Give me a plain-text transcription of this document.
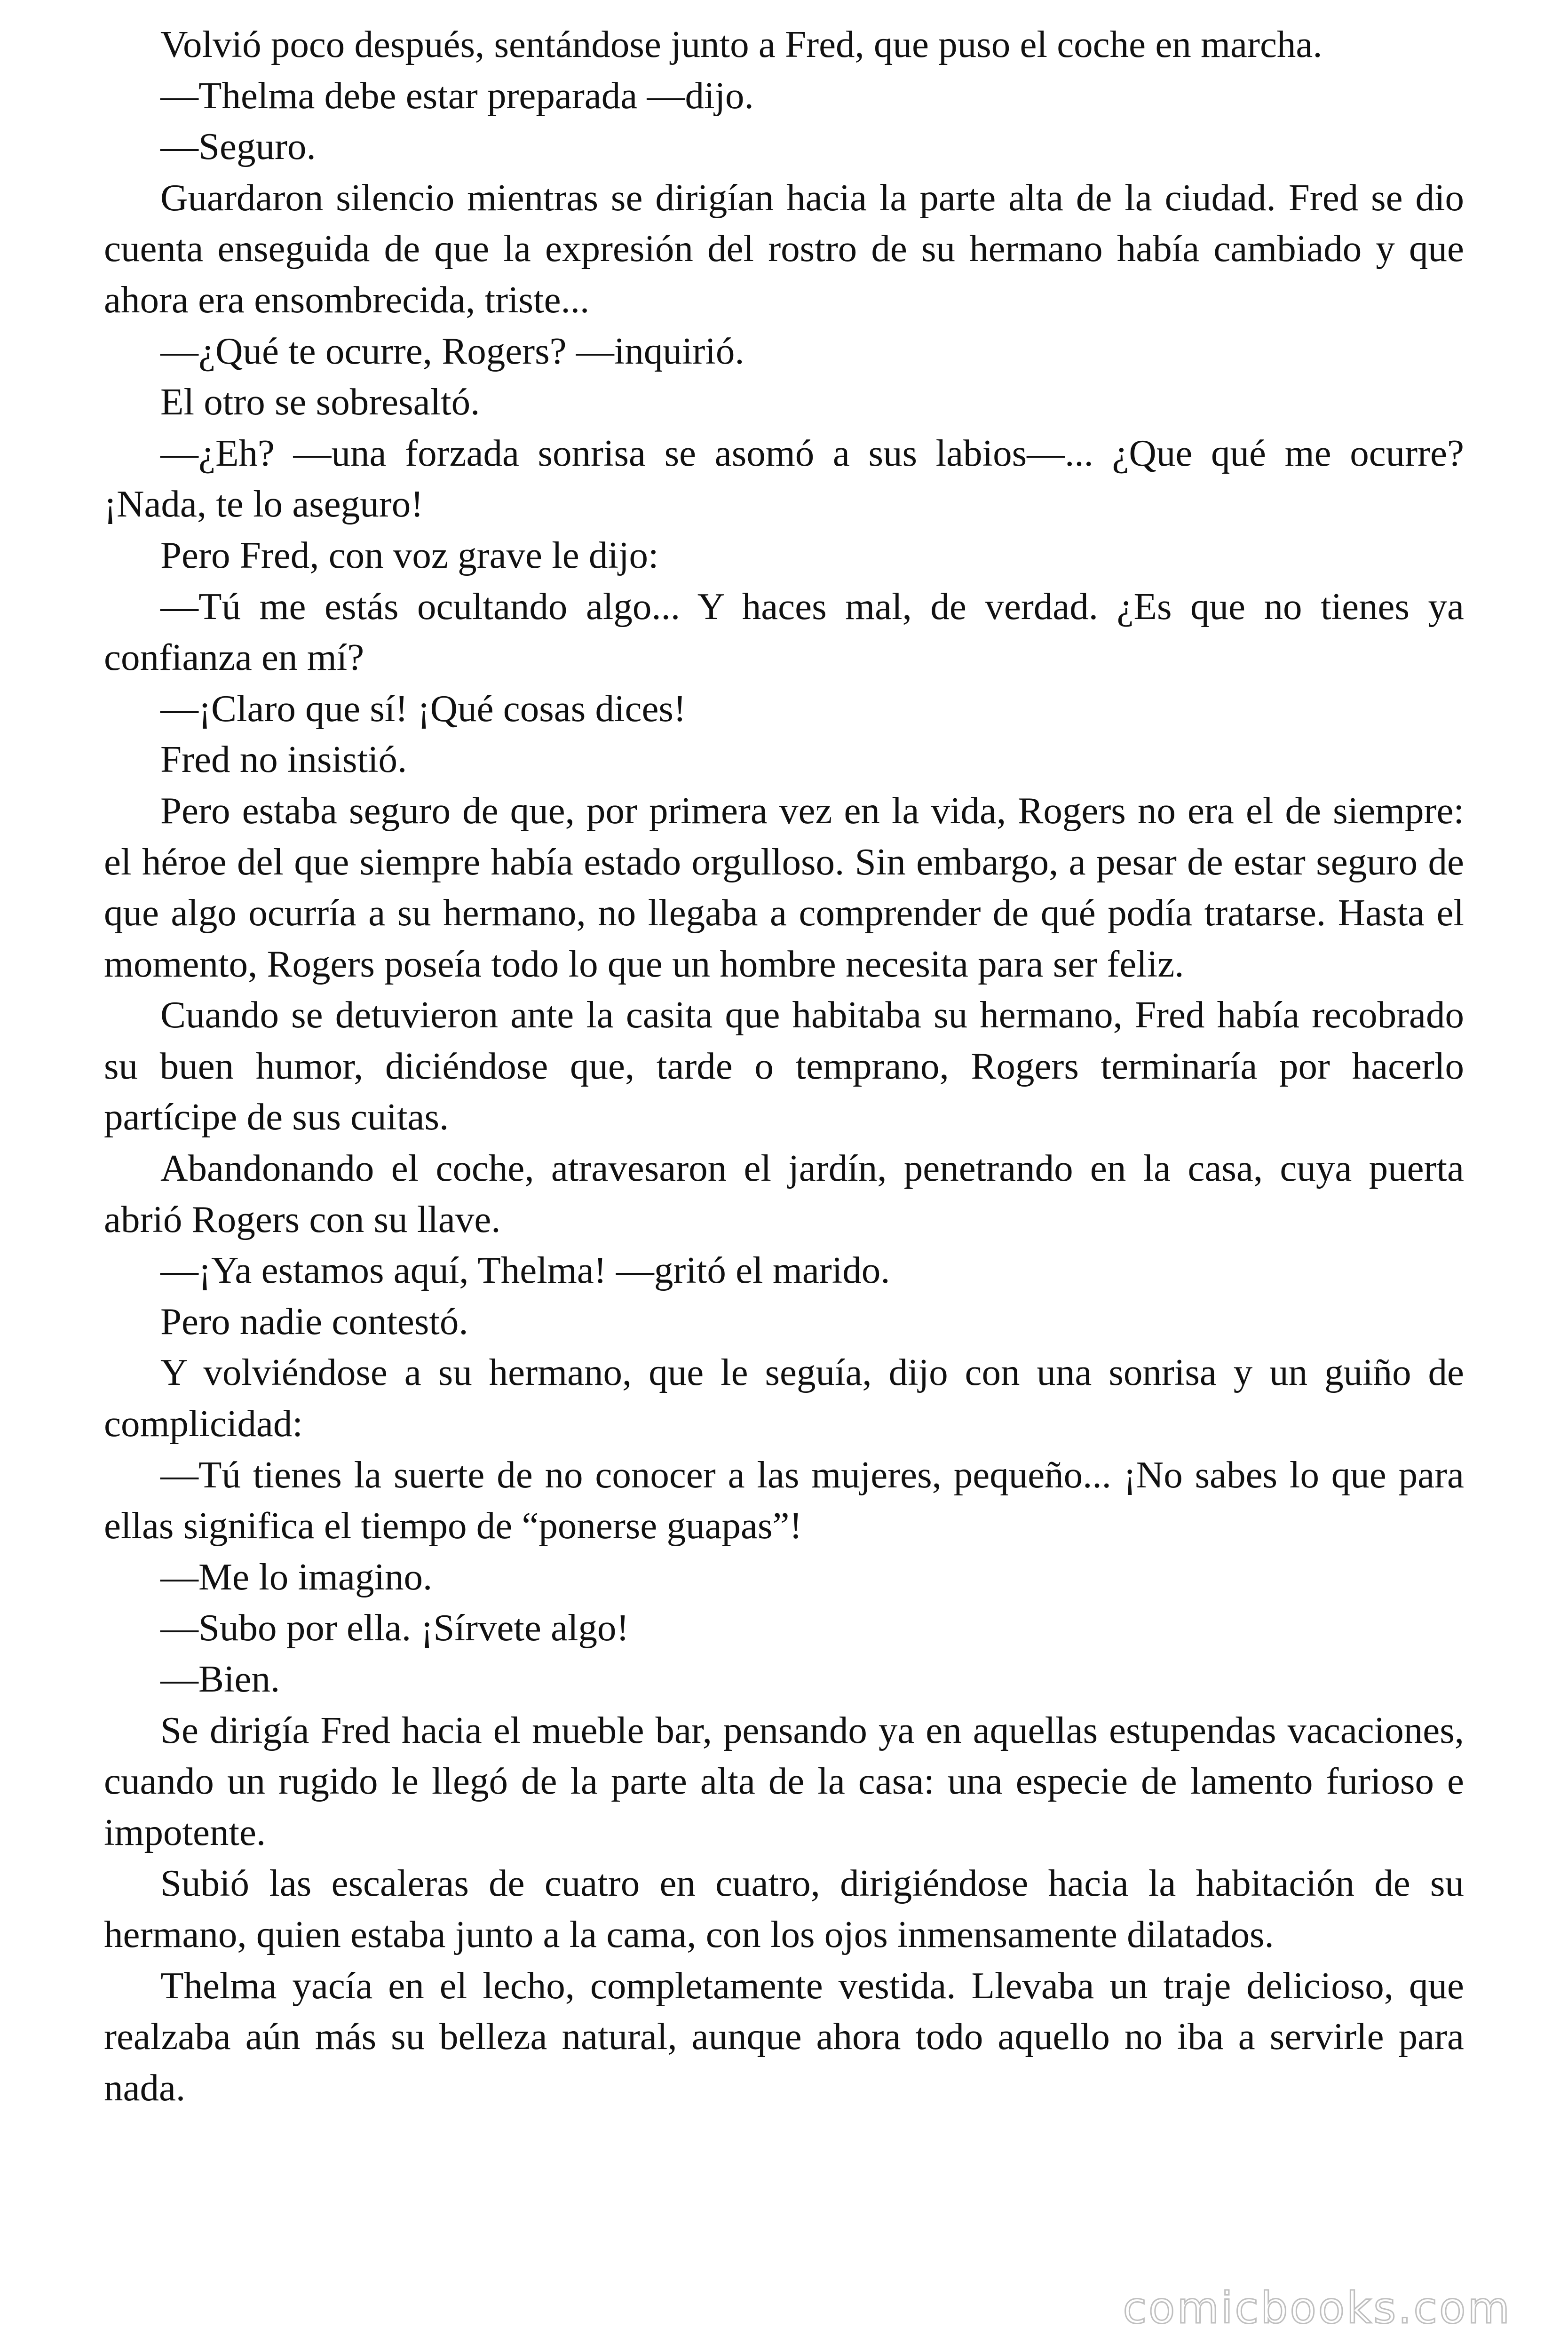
Volvió poco después, sentándose junto a Fred, que puso el coche en marcha.

—Thelma debe estar preparada —dijo.

—Seguro.

Guardaron silencio mientras se dirigían hacia la parte alta de la ciudad. Fred se dio cuenta enseguida de que la expresión del rostro de su hermano había cambiado y que ahora era ensombrecida, triste...

—¿Qué te ocurre, Rogers? —inquirió.

El otro se sobresaltó.

—¿Eh? —una forzada sonrisa se asomó a sus labios—... ¿Que qué me ocurre? ¡Nada, te lo aseguro!

Pero Fred, con voz grave le dijo:

—Tú me estás ocultando algo... Y haces mal, de verdad. ¿Es que no tienes ya confianza en mí?

—¡Claro que sí! ¡Qué cosas dices!

Fred no insistió.

Pero estaba seguro de que, por primera vez en la vida, Rogers no era el de siempre: el héroe del que siempre había estado orgulloso. Sin embargo, a pesar de estar seguro de que algo ocurría a su hermano, no llegaba a comprender de qué podía tratarse. Hasta el momento, Rogers poseía todo lo que un hombre necesita para ser feliz.

Cuando se detuvieron ante la casita que habitaba su hermano, Fred había recobrado su buen humor, diciéndose que, tarde o temprano, Rogers terminaría por hacerlo partícipe de sus cuitas.

Abandonando el coche, atravesaron el jardín, penetrando en la casa, cuya puerta abrió Rogers con su llave.

—¡Ya estamos aquí, Thelma! —gritó el marido.

Pero nadie contestó.

Y volviéndose a su hermano, que le seguía, dijo con una sonrisa y un guiño de complicidad:

—Tú tienes la suerte de no conocer a las mujeres, pequeño... ¡No sabes lo que para ellas significa el tiempo de “ponerse guapas”!

—Me lo imagino.

—Subo por ella. ¡Sírvete algo!

—Bien.

Se dirigía Fred hacia el mueble bar, pensando ya en aquellas estupendas vacaciones, cuando un rugido le llegó de la parte alta de la casa: una especie de lamento furioso e impotente.

Subió las escaleras de cuatro en cuatro, dirigiéndose hacia la habitación de su hermano, quien estaba junto a la cama, con los ojos inmensamente dilatados.

Thelma yacía en el lecho, completamente vestida. Llevaba un traje delicioso, que realzaba aún más su belleza natural, aunque ahora todo aquello no iba a servirle para nada.

comicbooks.com
